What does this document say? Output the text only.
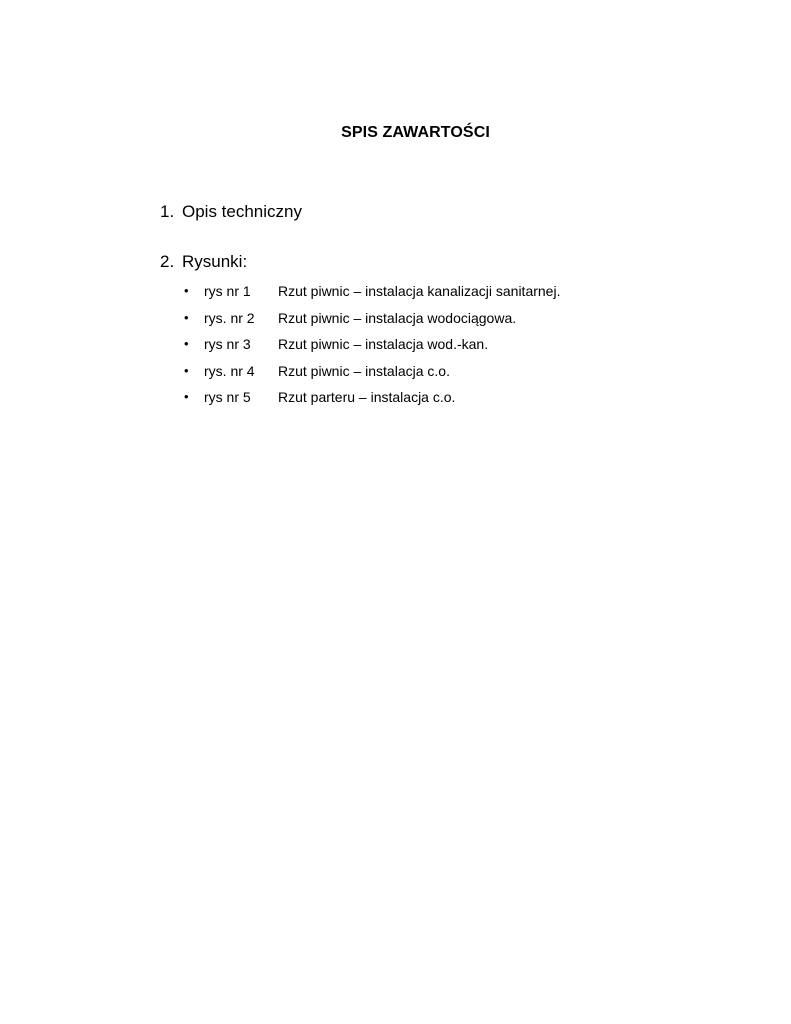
SPIS ZAWARTOŚCI
1. Opis techniczny
2. Rysunki:
• rys nr 1 Rzut piwnic – instalacja kanalizacji sanitarnej.
• rys. nr 2 Rzut piwnic – instalacja wodociągowa.
• rys nr 3 Rzut piwnic – instalacja wod.-kan.
• rys. nr 4 Rzut piwnic – instalacja c.o.
• rys nr 5 Rzut parteru – instalacja c.o.
